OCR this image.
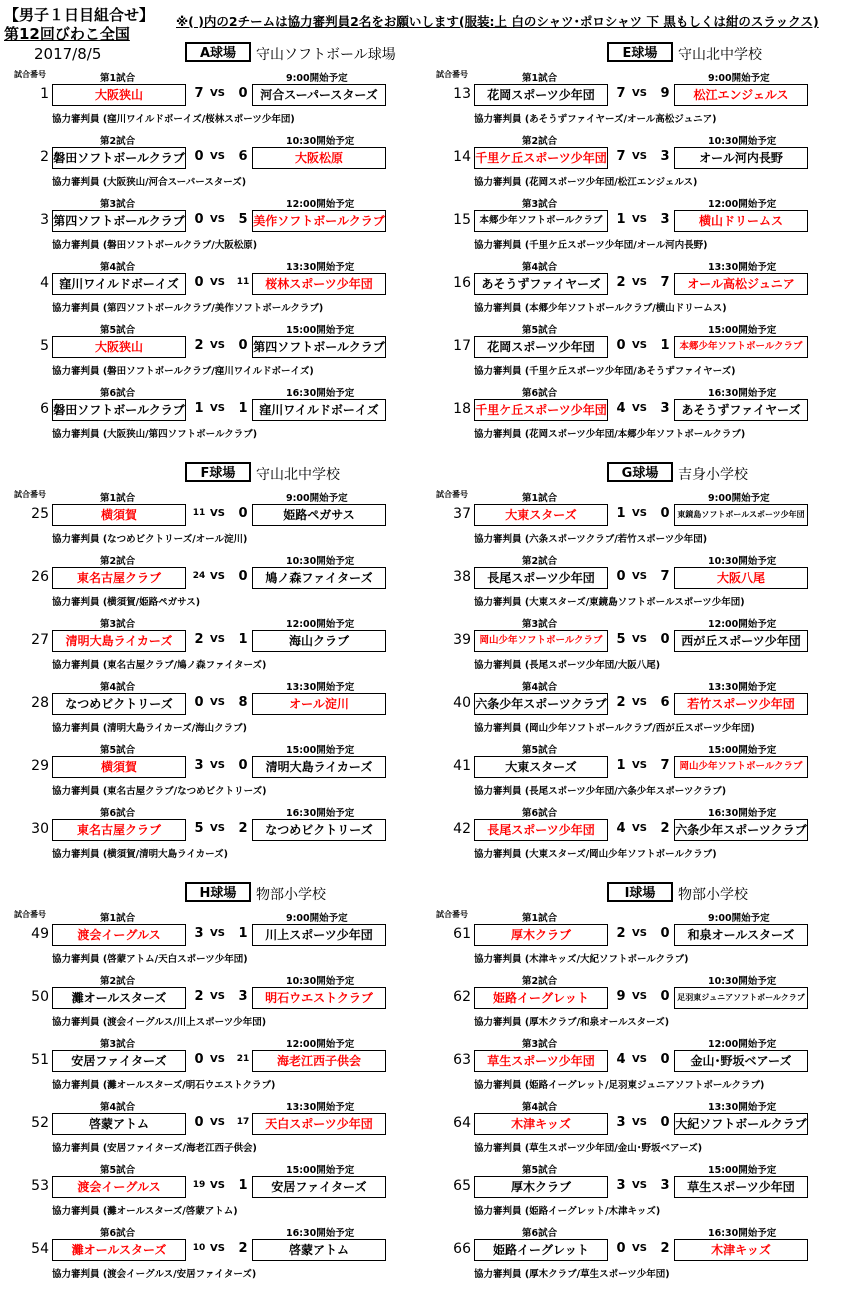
【男子１日目組合せ】
第12回びわこ全国
2017/8/5
※( )内の2チームは協力審判員2名をお願いします(服装:上 白のシャツ･ポロシャツ 下 黒もしくは紺のスラックス)
A球場	守山ソフトボール球場
試合番号	第1試合	9:00開始予定
1	大阪狭山	7 VS 0	河合スーパースターズ
協力審判員 (窪川ワイルドボーイズ/桜林スポーツ少年団)
第2試合	10:30開始予定
2 磐田ソフトボールクラブ 0 VS 6	大阪松原
協力審判員 (大阪狭山/河合スーパースターズ)
第3試合	12:00開始予定
3 第四ソフトボールクラブ 0 VS 5 美作ソフトボールクラブ
協力審判員 (磐田ソフトボールクラブ/大阪松原)
第4試合	13:30開始予定
4 窪川ワイルドボーイズ	0 VS 11	桜林スポーツ少年団
協力審判員 (第四ソフトボールクラブ/美作ソフトボールクラブ)
第5試合	15:00開始予定
5	大阪狭山	2 VS 0 第四ソフトボールクラブ
協力審判員 (磐田ソフトボールクラブ/窪川ワイルドボーイズ)
第6試合	16:30開始予定
6 磐田ソフトボールクラブ 1 VS 1 窪川ワイルドボーイズ
協力審判員 (大阪狭山/第四ソフトボールクラブ)
E球場	守山北中学校
試合番号	第1試合	9:00開始予定
13	花岡スポーツ少年団	7 VS 9	松江エンジェルス
協力審判員 (あそうずファイヤーズ/オール高松ジュニア)
第2試合	10:30開始予定
14 千里ケ丘スポーツ少年団 7 VS 3	オール河内長野
協力審判員 (花岡スポーツ少年団/松江エンジェルス)
第3試合	12:00開始予定
15 本郷少年ソフトボールクラブ	1 VS 3	横山ドリームス
協力審判員 (千里ケ丘スポーツ少年団/オール河内長野)
第4試合	13:30開始予定
16 あそうずファイヤーズ	2 VS 7	オール高松ジュニア
協力審判員 (本郷少年ソフトボールクラブ/横山ドリームス)
第5試合	15:00開始予定
17	花岡スポーツ少年団	0 VS 1	本郷少年ソフトボールクラブ
協力審判員 (千里ケ丘スポーツ少年団/あそうずファイヤーズ)
第6試合	16:30開始予定
18 千里ケ丘スポーツ少年団 4 VS 3 あそうずファイヤーズ
協力審判員 (花岡スポーツ少年団/本郷少年ソフトボールクラブ)
F球場	守山北中学校
試合番号	第1試合	9:00開始予定
25	横須賀	11 VS 0	姫路ペガサス
協力審判員 (なつめビクトリーズ/オール淀川)
第2試合	10:30開始予定
26	東名古屋クラブ	24 VS 0	鳩ノ森ファイターズ
協力審判員 (横須賀/姫路ペガサス)
第3試合	12:00開始予定
27	清明大島ライカーズ	2 VS 1	海山クラブ
協力審判員 (東名古屋クラブ/鳩ノ森ファイターズ)
第4試合	13:30開始予定
28	なつめビクトリーズ	0 VS 8	オール淀川
協力審判員 (清明大島ライカーズ/海山クラブ)
第5試合	15:00開始予定
29	横須賀	3 VS 0	清明大島ライカーズ
協力審判員 (東名古屋クラブ/なつめビクトリーズ)
第6試合	16:30開始予定
30	東名古屋クラブ	5 VS 2	なつめビクトリーズ
協力審判員 (横須賀/清明大島ライカーズ)
G球場	吉身小学校
試合番号	第1試合	9:00開始予定
37	大東スターズ	1 VS 0 東鏡島ソフトボールスポーツ少年団
協力審判員 (六条スポーツクラブ/若竹スポーツ少年団)
第2試合	10:30開始予定
38	長尾スポーツ少年団	0 VS 7	大阪八尾
協力審判員 (大東スターズ/東鏡島ソフトボールスポーツ少年団)
第3試合	12:00開始予定
39 岡山少年ソフトボールクラブ	5 VS 0 西が丘スポーツ少年団
協力審判員 (長尾スポーツ少年団/大阪八尾)
第4試合	13:30開始予定
40 六条少年スポーツクラブ 2 VS 6	若竹スポーツ少年団
協力審判員 (岡山少年ソフトボールクラブ/西が丘スポーツ少年団)
第5試合	15:00開始予定
41	大東スターズ	1 VS 7	岡山少年ソフトボールクラブ
協力審判員 (長尾スポーツ少年団/六条少年スポーツクラブ)
第6試合	16:30開始予定
42	長尾スポーツ少年団	4 VS 2 六条少年スポーツクラブ
協力審判員 (大東スターズ/岡山少年ソフトボールクラブ)
H球場	物部小学校
試合番号	第1試合	9:00開始予定
49	渡会イーグルス	3 VS 1	川上スポーツ少年団
協力審判員 (啓蒙アトム/天白スポーツ少年団)
第2試合	10:30開始予定
50	灘オールスターズ	2 VS 3	明石ウエストクラブ
協力審判員 (渡会イーグルス/川上スポーツ少年団)
第3試合	12:00開始予定
51	安居ファイターズ	0 VS 21	海老江西子供会
協力審判員 (灘オールスターズ/明石ウエストクラブ)
第4試合	13:30開始予定
52	啓蒙アトム	0 VS 17	天白スポーツ少年団
協力審判員 (安居ファイターズ/海老江西子供会)
第5試合	15:00開始予定
53	渡会イーグルス	19 VS 1	安居ファイターズ
協力審判員 (灘オールスターズ/啓蒙アトム)
第6試合	16:30開始予定
54	灘オールスターズ	10 VS 2	啓蒙アトム
協力審判員 (渡会イーグルス/安居ファイターズ)
I球場	物部小学校
試合番号	第1試合	9:00開始予定
61	厚木クラブ	2 VS 0	和泉オールスターズ
協力審判員 (木津キッズ/大紀ソフトボールクラブ)
第2試合	10:30開始予定
62	姫路イーグレット	9 VS 0 足羽東ジュニアソフトボールクラブ
協力審判員 (厚木クラブ/和泉オールスターズ)
第3試合	12:00開始予定
63	草生スポーツ少年団	4 VS 0	金山･野坂ベアーズ
協力審判員 (姫路イーグレット/足羽東ジュニアソフトボールクラブ)
第4試合	13:30開始予定
64	木津キッズ	3 VS 0 大紀ソフトボールクラブ
協力審判員 (草生スポーツ少年団/金山･野坂ベアーズ)
第5試合	15:00開始予定
65	厚木クラブ	3 VS 3	草生スポーツ少年団
協力審判員 (姫路イーグレット/木津キッズ)
第6試合	16:30開始予定
66	姫路イーグレット	0 VS 2	木津キッズ
協力審判員 (厚木クラブ/草生スポーツ少年団)
